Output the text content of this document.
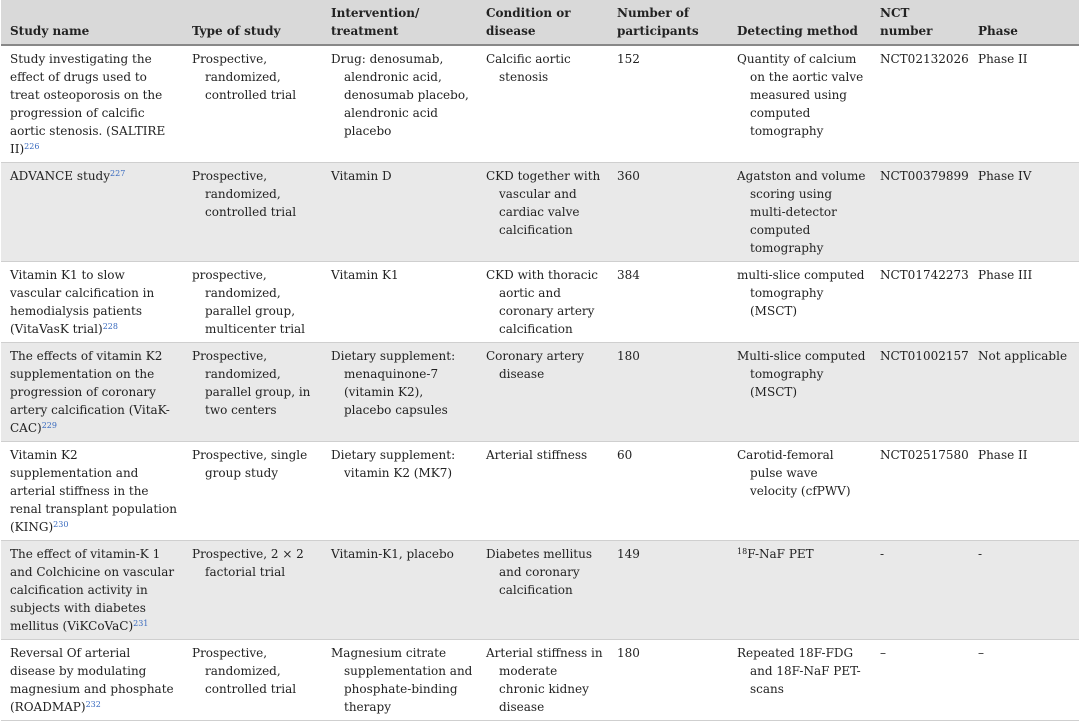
Study name	Type of study	Intervention/ treatment	Condition or disease	Number of participants	Detecting method	NCT number	Phase
Study investigating the effect of drugs used to treat osteoporosis on the progression of calcific aortic stenosis. (SALTIRE II)$^{226}$	Prospective, randomized, controlled trial	Drug: denosumab, alendronic acid, denosumab placebo, alendronic acid placebo	Calcific aortic stenosis	152	Quantity of calcium on the aortic valve measured using computed tomography	NCT02132026	Phase II
ADVANCE study$^{227}$	Prospective, randomized, controlled trial	Vitamin D	CKD together with vascular and cardiac valve calcification	360	Agatston and volume scoring using multi-detector computed tomography	NCT00379899	Phase IV
Vitamin K1 to slow vascular calcification in hemodialysis patients (VitaVasK trial)$^{228}$	prospective, randomized, parallel group, multicenter trial	Vitamin K1	CKD with thoracic aortic and coronary artery calcification	384	multi-slice computed tomography (MSCT)	NCT01742273	Phase III
The effects of vitamin K2 supplementation on the progression of coronary artery calcification (VitaK-CAC)$^{229}$	Prospective, randomized, parallel group, in two centers	Dietary supplement: menaquinone-7 (vitamin K2), placebo capsules	Coronary artery disease	180	Multi-slice computed tomography (MSCT)	NCT01002157	Not applicable
Vitamin K2 supplementation and arterial stiffness in the renal transplant population (KING)$^{230}$	Prospective, single group study	Dietary supplement: vitamin K2 (MK7)	Arterial stiffness	60	Carotid-femoral pulse wave velocity (cfPWV)	NCT02517580	Phase II
The effect of vitamin-K 1 and Colchicine on vascular calcification activity in subjects with diabetes mellitus (ViKCoVaC)$^{231}$	Prospective, 2 × 2 factorial trial	Vitamin-K1, placebo	Diabetes mellitus and coronary calcification	149	$^{18}$F-NaF PET	-	-
Reversal Of arterial disease by modulating magnesium and phosphate (ROADMAP)$^{232}$	Prospective, randomized, controlled trial	Magnesium citrate supplementation and phosphate-binding therapy	Arterial stiffness in moderate chronic kidney disease	180	Repeated 18F-FDG and 18F-NaF PET-scans	–	–
